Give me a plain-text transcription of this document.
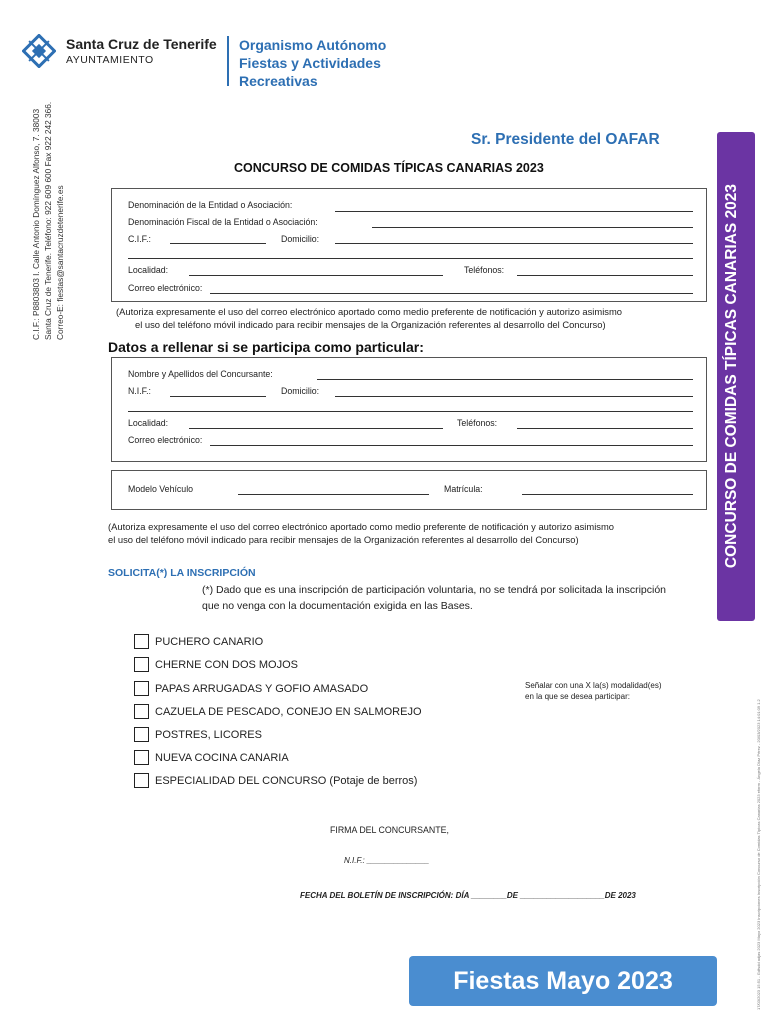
Santa Cruz de Tenerife
AYUNTAMIENTO
Organismo Autónomo
Fiestas y Actividades
Recreativas
C.I.F.: P8803803 I. Calle Antonio Domínguez Alfonso, 7. 38003 Santa Cruz de Tenerife. Teléfono: 922 609 600 Fax 922 242 366. Correo-E: fiestas@santacruzdetenerife.es	CONCURSO DE COMIDAS TÍPICAS CANARIAS 2023
17/03/2023 15:51 - Gdfsdd adjas 2023 Mayo 2023 Inscripciones Inscripción Concurso de Comidas Típicas Canarias 2023 eform - Ángela Díaz Pérez - 20/03/2023 14:01:09 1.2
Sr. Presidente del OAFAR
CONCURSO DE COMIDAS TÍPICAS CANARIAS 2023
Denominación de la Entidad o Asociación:
Denominación Fiscal de la Entidad o Asociación:
C.I.F.:	Domicilio:
Localidad:	Teléfonos:
Correo electrónico:
(Autoriza expresamente el uso del correo electrónico aportado como medio preferente de notificación y autorizo asimismo
el uso del teléfono móvil indicado para recibir mensajes de la Organización referentes al desarrollo del Concurso)
Datos a rellenar si se participa como particular:
Nombre y Apellidos del Concursante:
N.I.F.:	Domicilio:
Localidad:	Teléfonos:
Correo electrónico:
Modelo Vehículo	Matrícula:
(Autoriza expresamente el uso del correo electrónico aportado como medio preferente de notificación y autorizo asimismo
el uso del teléfono móvil indicado para recibir mensajes de la Organización referentes al desarrollo del Concurso)
SOLICITA(*) LA INSCRIPCIÓN
(*) Dado que es una inscripción de participación voluntaria, no se tendrá por solicitada la inscripción que no venga con la documentación exigida en las Bases.
PUCHERO CANARIO
CHERNE CON DOS MOJOS
PAPAS ARRUGADAS Y GOFIO AMASADO
CAZUELA DE PESCADO, CONEJO EN SALMOREJO
POSTRES, LICORES
NUEVA COCINA CANARIA
ESPECIALIDAD DEL CONCURSO (Potaje de berros)
Señalar con una X la(s) modalidad(es)
en la que se desea participar:
FIRMA DEL CONCURSANTE,
N.I.F.: ______________
FECHA DEL BOLETÍN DE INSCRIPCIÓN: DÍA ________DE ___________________DE 2023
Fiestas Mayo 2023
